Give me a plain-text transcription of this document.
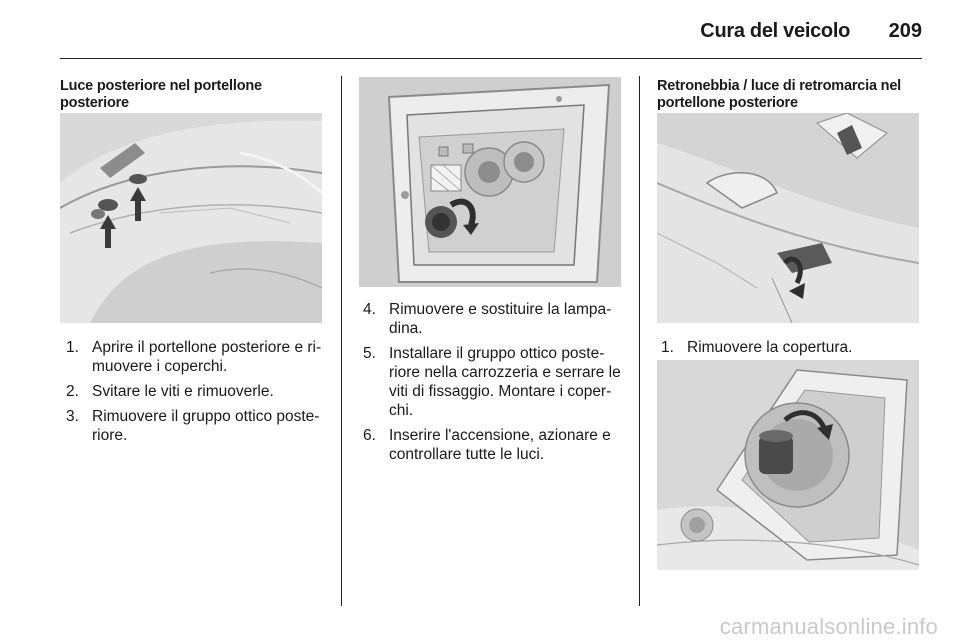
Cura del veicolo 209
Luce posteriore nel portellone posteriore
1. Aprire il portellone posteriore e rimuovere i coperchi.
2. Svitare le viti e rimuoverle.
3. Rimuovere il gruppo ottico posteriore.
4. Rimuovere e sostituire la lampadina.
5. Installare il gruppo ottico posteriore nella carrozzeria e serrare le viti di fissaggio. Montare i coperchi.
6. Inserire l'accensione, azionare e controllare tutte le luci.
Retronebbia / luce di retromarcia nel portellone posteriore
1. Rimuovere la copertura.
carmanualsonline.info
